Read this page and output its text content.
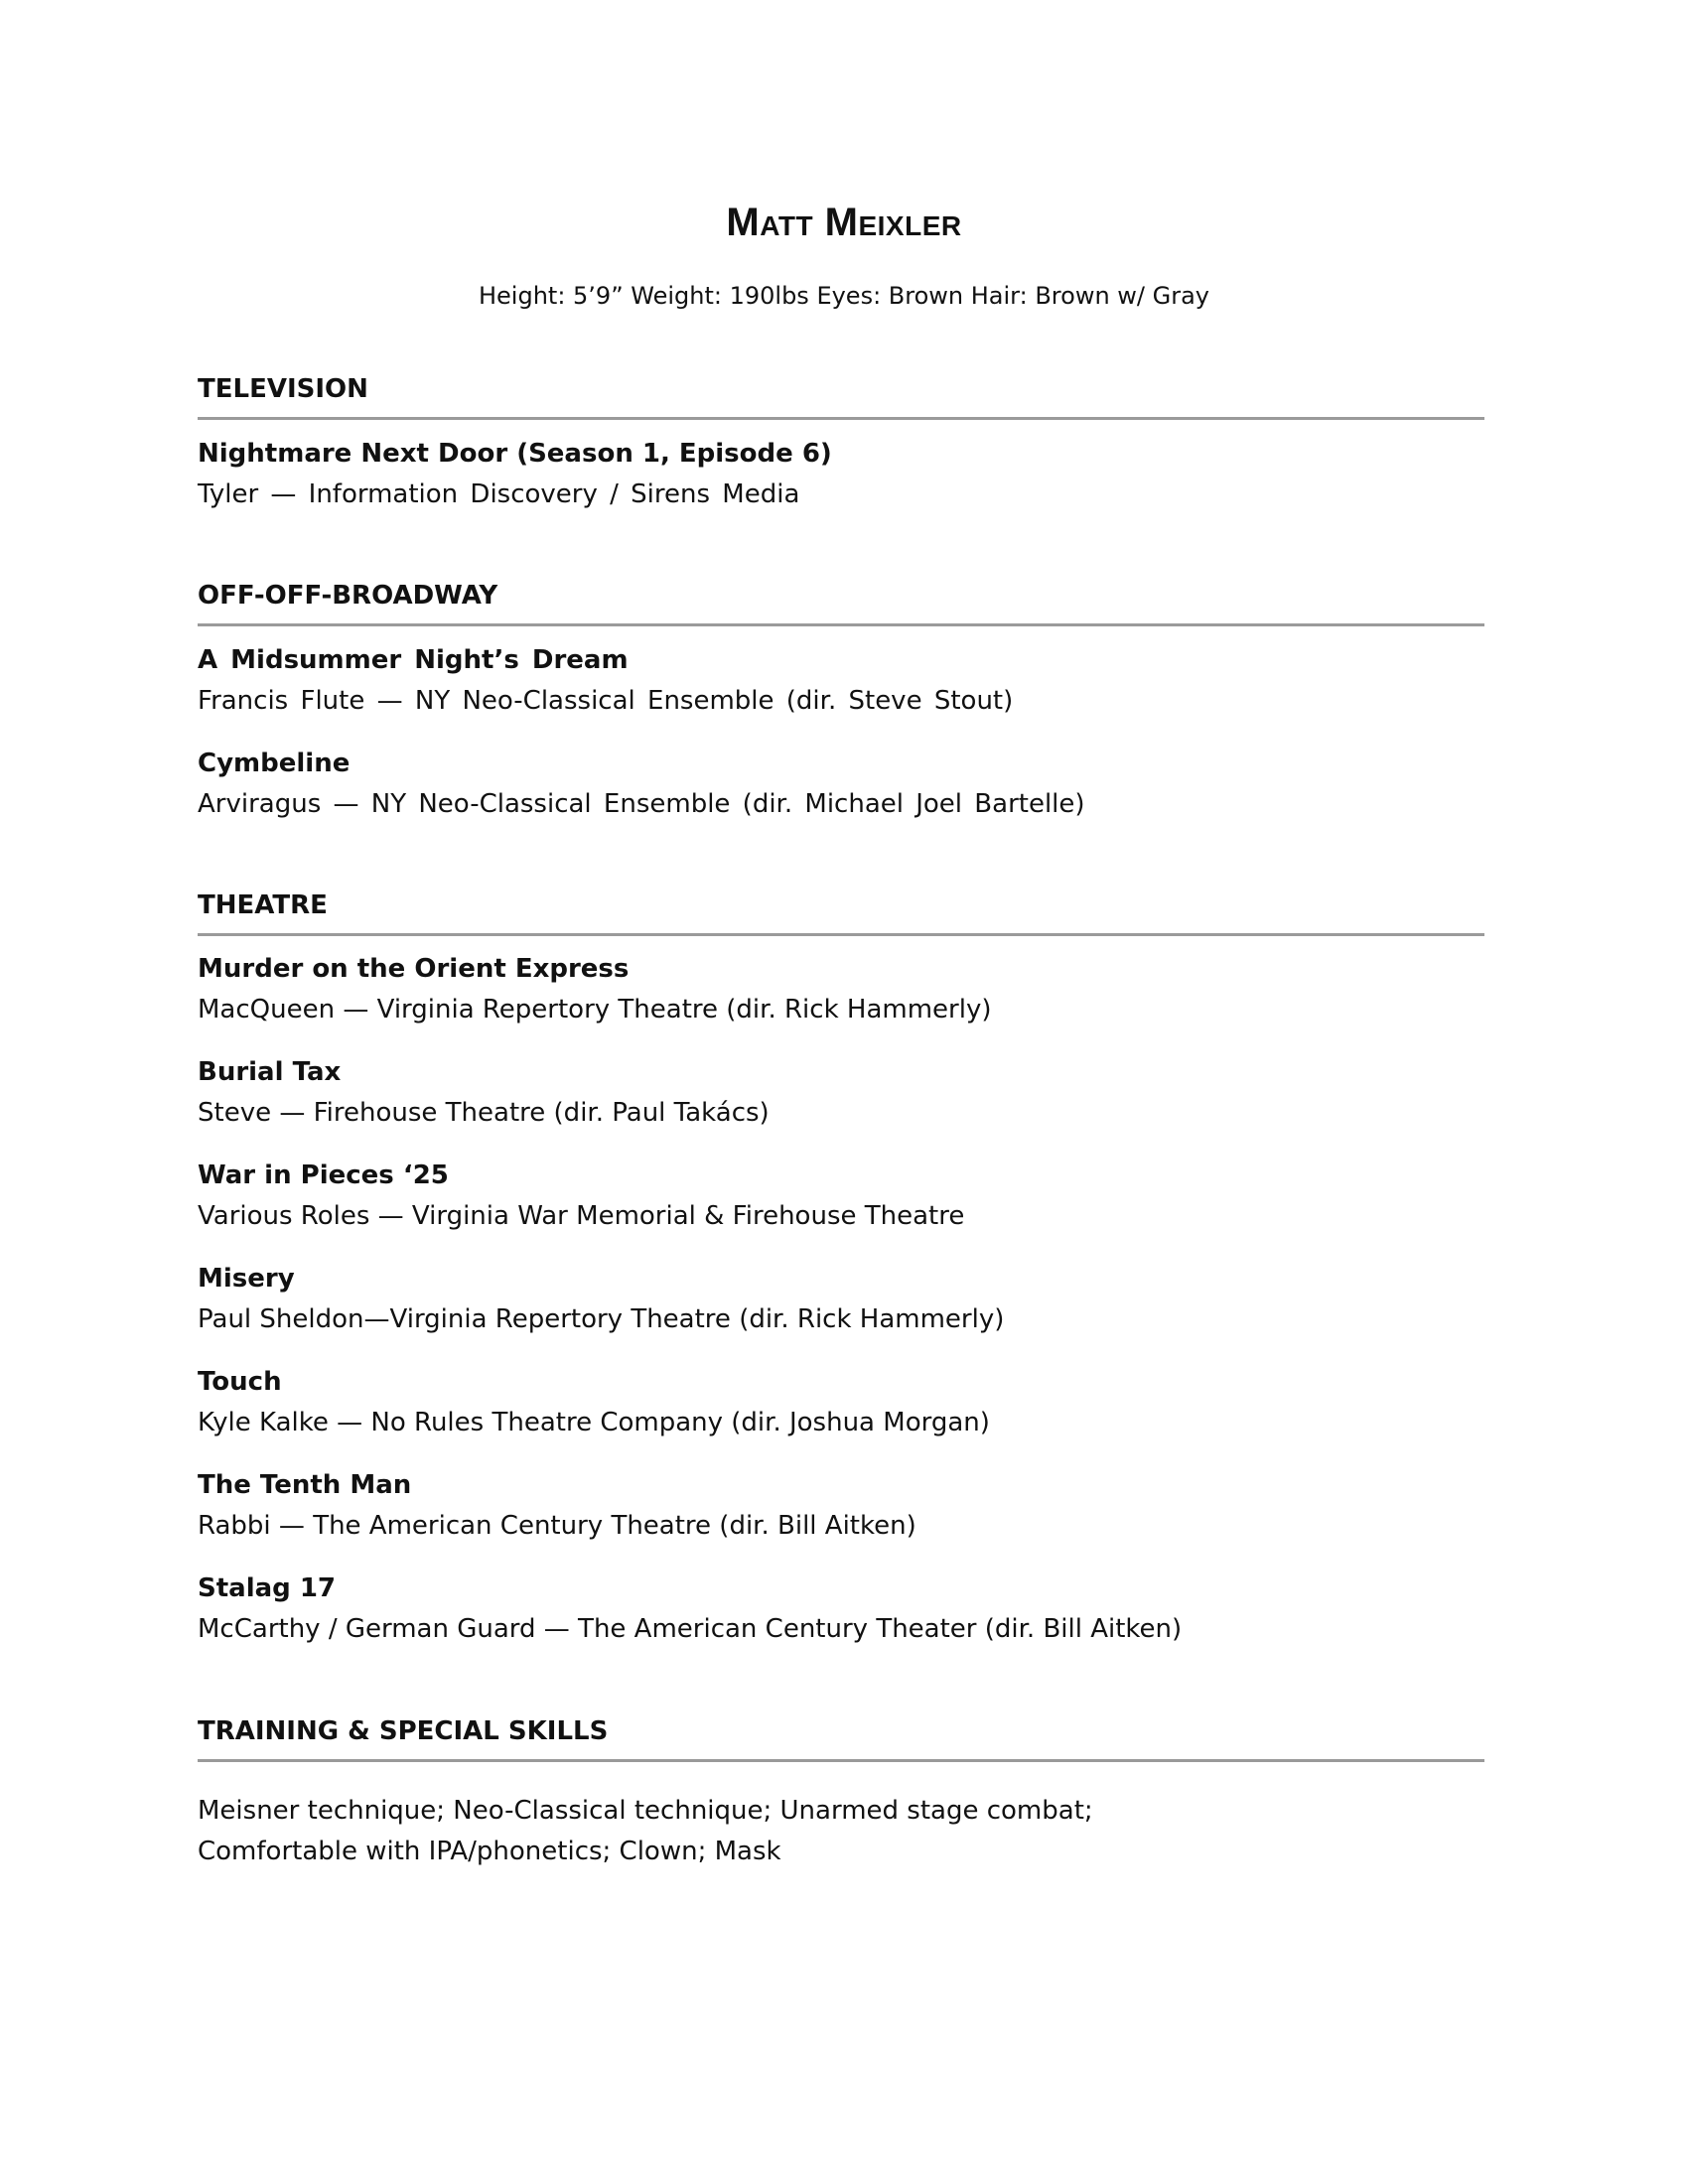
Matt Meixler
Height: 5’9” Weight: 190lbs Eyes: Brown Hair: Brown w/ Gray
TELEVISION
Nightmare Next Door (Season 1, Episode 6)
Tyler — Information Discovery / Sirens Media
OFF-OFF-BROADWAY
A Midsummer Night’s Dream
Francis Flute — NY Neo-Classical Ensemble (dir. Steve Stout)
Cymbeline
Arviragus — NY Neo-Classical Ensemble (dir. Michael Joel Bartelle)
THEATRE
Murder on the Orient Express
MacQueen — Virginia Repertory Theatre (dir. Rick Hammerly)
Burial Tax
Steve — Firehouse Theatre (dir. Paul Takács)
War in Pieces ‘25
Various Roles — Virginia War Memorial & Firehouse Theatre
Misery
Paul Sheldon—Virginia Repertory Theatre (dir. Rick Hammerly)
Touch
Kyle Kalke — No Rules Theatre Company (dir. Joshua Morgan)
The Tenth Man
Rabbi — The American Century Theatre (dir. Bill Aitken)
Stalag 17
McCarthy / German Guard — The American Century Theater (dir. Bill Aitken)
TRAINING & SPECIAL SKILLS
Meisner technique; Neo-Classical technique; Unarmed stage combat;
Comfortable with IPA/phonetics; Clown; Mask
